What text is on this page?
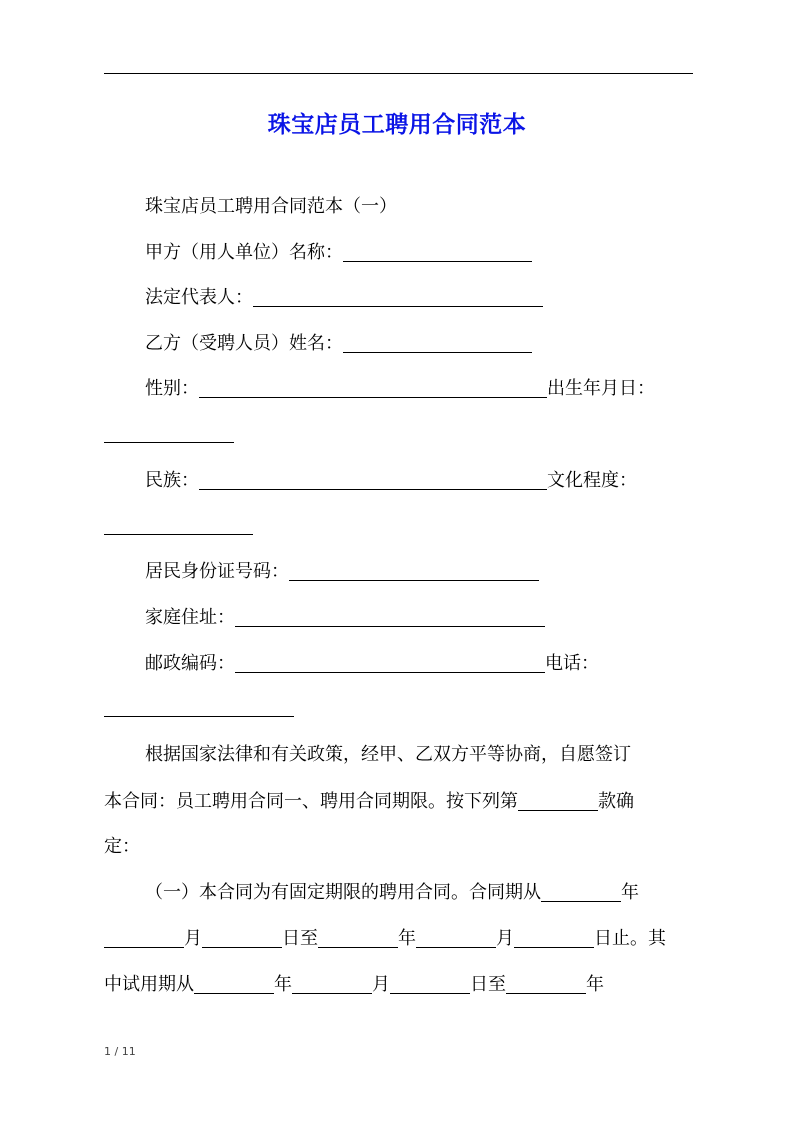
珠宝店员工聘用合同范本
珠宝店员工聘用合同范本（一）
甲方（用人单位）名称：
法定代表人：
乙方（受聘人员）姓名：
性别：	出生年月日：
民族：	文化程度：
居民身份证号码：
家庭住址：
邮政编码：	电话：
根据国家法律和有关政策，经甲、乙双方平等协商，自愿签订
本合同：员工聘用合同一、聘用合同期限。按下列第	款确
定：
（一）本合同为有固定期限的聘用合同。合同期从	年
月	日至	年	月	日止。其
中试用期从	年	月	日至	年
1 / 11
